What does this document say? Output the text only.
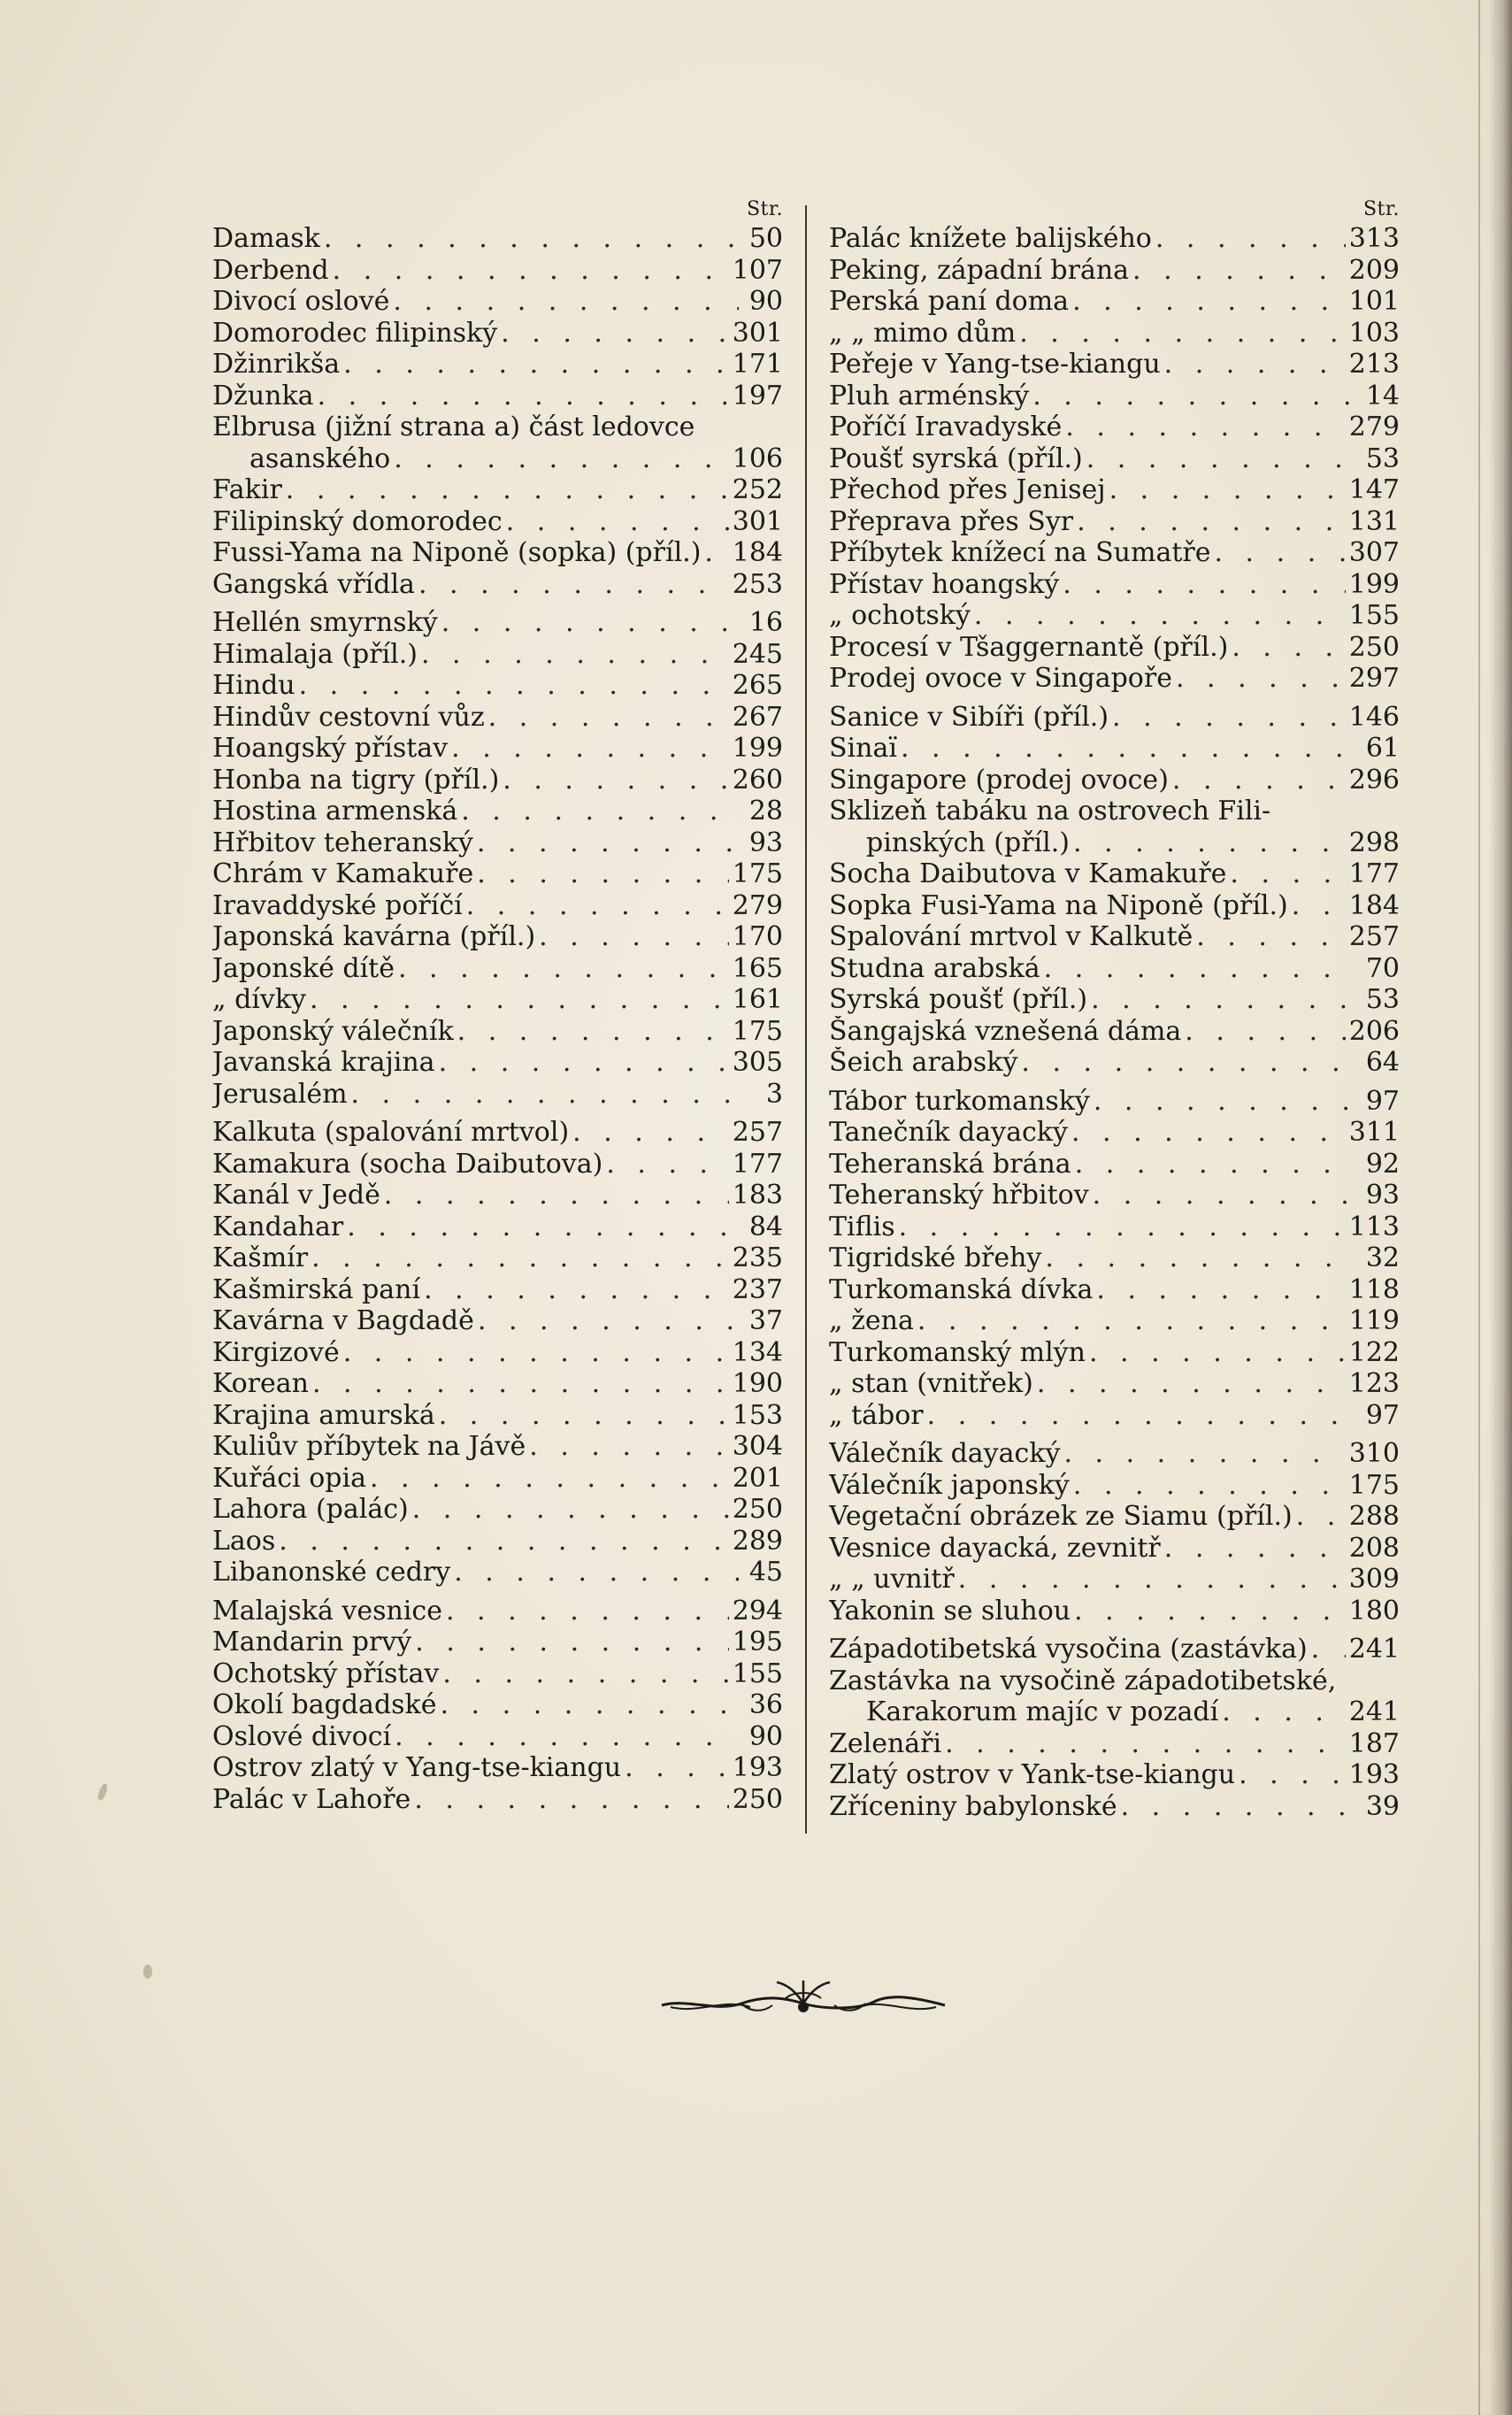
Str.
Damask . . .	50
Derbend . . .	107
Divocí oslové . . .	90
Domorodec filipinský . . .	301
Džinrikša . . .	171
Džunka . . .	197
Elbrusa (jižní strana a) část ledovce
asanského . . .	106
Fakir . . .	252
Filipinský domorodec . . .	301
Fussi-Yama na Niponě (sopka) (příl.) . . . 184
Gangská vřídla . . .	253
Hellén smyrnský . . .	16
Himalaja (příl.) . . .	245
Hindu . . .	265
Hindův cestovní vůz . . .	267
Hoangský přístav . . .	199
Honba na tigry (příl.) . . .	260
Hostina armenská . . .	28
Hřbitov teheranský . . .	93
Chrám v Kamakuře . . .	175
Iravaddyské poříčí . . .	279
Japonská kavárna (příl.) . . .	170
Japonské dítě . . .	165
„ dívky . . .	161
Japonský válečník . . .	175
Javanská krajina . . .	305
Jerusalém . . .	3
Kalkuta (spalování mrtvol) . . .	257
Kamakura (socha Daibutova) . . .	177
Kanál v Jedě . . .	183
Kandahar . . .	84
Kašmír . . .	235
Kašmirská paní . . .	237
Kavárna v Bagdadě . . .	37
Kirgizové . . .	134
Korean . . .	190
Krajina amurská . . .	153
Kuliův příbytek na Jávě . . .	304
Kuřáci opia . . .	201
Lahora (palác) . . .	250
Laos . . .	289
Libanonské cedry . . .	45
Malajská vesnice . . .	294
Mandarin prvý . . .	195
Ochotský přístav . . .	155
Okolí bagdadské . . .	36
Oslové divocí . . .	90
Ostrov zlatý v Yang-tse-kiangu . . .	193
Palác v Lahoře . . .	250
Str.
Palác knížete balijského . . .	313
Peking, západní brána . . .	209
Perská paní doma . . .	101
„ „ mimo dům . . .	103
Peřeje v Yang-tse-kiangu . . .	213
Pluh arménský . . .	14
Poříčí Iravadyské . . .	279
Poušť syrská (příl.) . . .	53
Přechod přes Jenisej . . .	147
Přeprava přes Syr . . .	131
Příbytek knížecí na Sumatře . . .	307
Přístav hoangský . . .	199
„ ochotský . . .	155
Procesí v Tšaggernantě (příl.) . . .	250
Prodej ovoce v Singapoře . . .	297
Sanice v Sibíři (příl.) . . .	146
Sinaï . . .	61
Singapore (prodej ovoce) . . .	296
Sklizeň tabáku na ostrovech Fili-
pinských (příl.) . . .	298
Socha Daibutova v Kamakuře . . .	177
Sopka Fusi-Yama na Niponě (příl.) . . . 184
Spalování mrtvol v Kalkutě . . .	257
Studna arabská . . .	70
Syrská poušť (příl.) . . .	53
Šangajská vznešená dáma . . .	206
Šeich arabský . . .	64
Tábor turkomanský . . .	97
Tanečník dayacký . . .	311
Teheranská brána . . .	92
Teheranský hřbitov . . .	93
Tiflis . . .	113
Tigridské břehy . . .	32
Turkomanská dívka . . .	118
„ žena . . .	119
Turkomanský mlýn . . .	122
„ stan (vnitřek) . . .	123
„ tábor . . .	97
Válečník dayacký . . .	310
Válečník japonský . . .	175
Vegetační obrázek ze Siamu (příl.) . . . 288
Vesnice dayacká, zevnitř . . .	208
„ „ uvnitř . . .	309
Yakonin se sluhou . . .	180
Západotibetská vysočina (zastávka) . . . 241
Zastávka na vysočině západotibetské,
Karakorum majíc v pozadí . . .	241
Zelenáři . . .	187
Zlatý ostrov v Yank-tse-kiangu . . .	193
Zříceniny babylonské . . .	39
